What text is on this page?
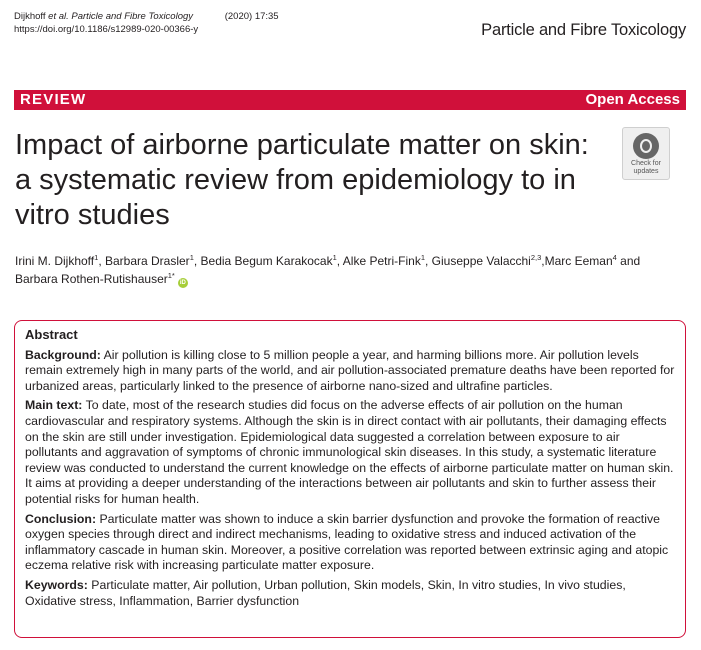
Dijkhoff et al. Particle and Fibre Toxicology	(2020) 17:35
https://doi.org/10.1186/s12989-020-00366-y	Particle and Fibre Toxicology
REVIEW	Open Access
Impact of airborne particulate matter on skin: a systematic review from epidemiology to in vitro studies
Check for
updates
Irini M. Dijkhoff$^1$, Barbara Drasler$^1$, Bedia Begum Karakocak$^1$, Alke Petri-Fink$^1$, Giuseppe Valacchi$^{2,3}$,Marc Eeman$^4$ and Barbara Rothen-Rutishauser$^{1*}$iD
Abstract

Background: Air pollution is killing close to 5 million people a year, and harming billions more. Air pollution levels remain extremely high in many parts of the world, and air pollution-associated premature deaths have been reported for urbanized areas, particularly linked to the presence of airborne nano-sized and ultrafine particles.

Main text: To date, most of the research studies did focus on the adverse effects of air pollution on the human cardiovascular and respiratory systems. Although the skin is in direct contact with air pollutants, their damaging effects on the skin are still under investigation. Epidemiological data suggested a correlation between exposure to air pollutants and aggravation of symptoms of chronic immunological skin diseases. In this study, a systematic literature review was conducted to understand the current knowledge on the effects of airborne particulate matter on human skin. It aims at providing a deeper understanding of the interactions between air pollutants and skin to further assess their potential risks for human health.

Conclusion: Particulate matter was shown to induce a skin barrier dysfunction and provoke the formation of reactive oxygen species through direct and indirect mechanisms, leading to oxidative stress and induced activation of the inflammatory cascade in human skin. Moreover, a positive correlation was reported between extrinsic aging and atopic eczema relative risk with increasing particulate matter exposure.

Keywords: Particulate matter, Air pollution, Urban pollution, Skin models, Skin, In vitro studies, In vivo studies, Oxidative stress, Inflammation, Barrier dysfunction
